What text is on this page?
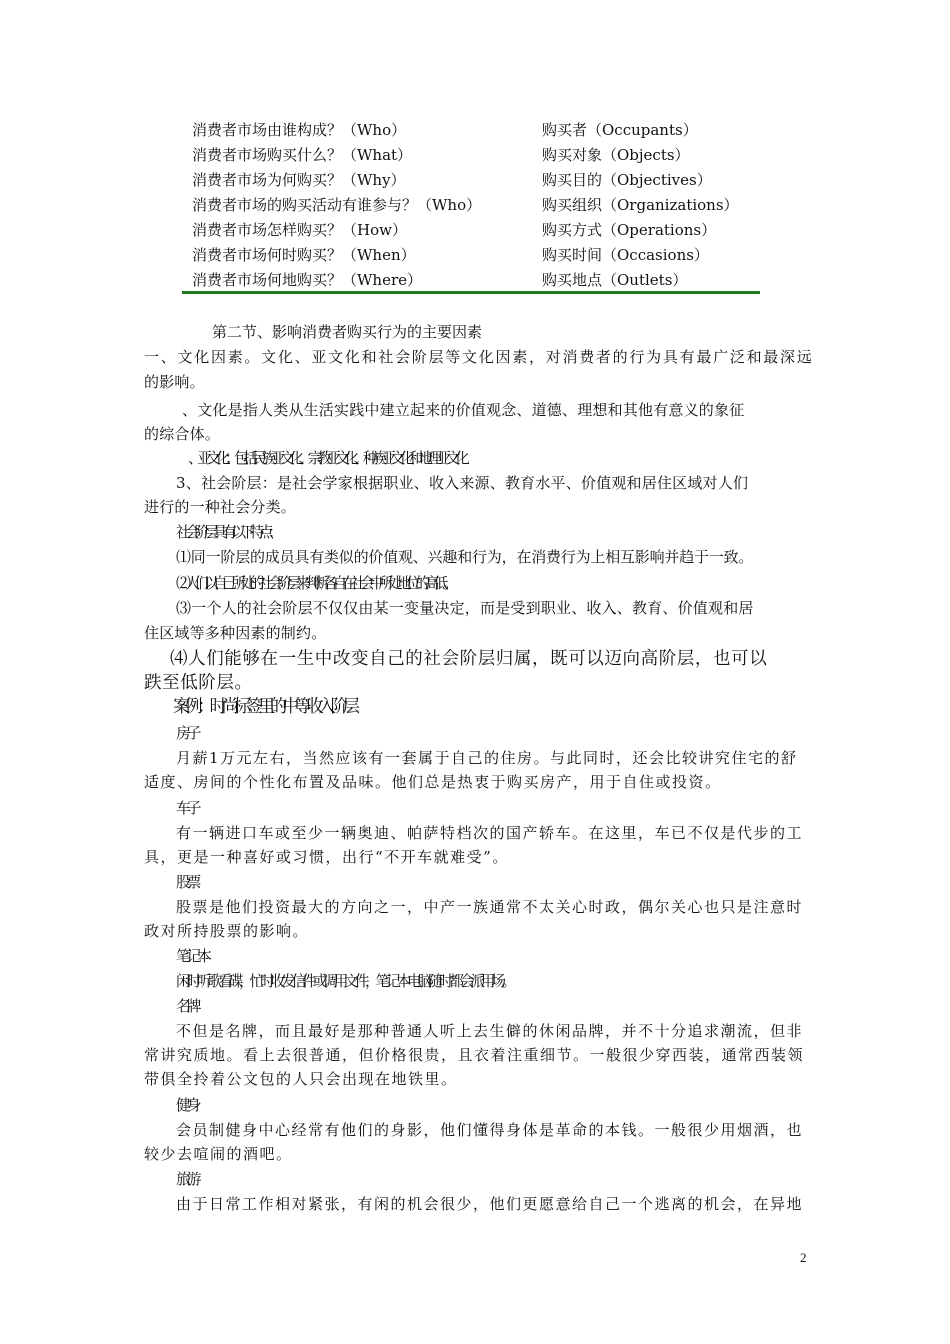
消费者市场由谁构成？（Who）	购买者（Occupants）
消费者市场购买什么？（What）	购买对象（Objects）
消费者市场为何购买？（Why）	购买目的（Objectives）
消费者市场的购买活动有谁参与？（Who）	购买组织（Organizations）
消费者市场怎样购买？（How）	购买方式（Operations）
消费者市场何时购买？（When）	购买时间（Occasions）
消费者市场何地购买？（Where）	购买地点（Outlets）
第二节、影响消费者购买行为的主要因素
一、文化因素。文化、亚文化和社会阶层等文化因素，对消费者的行为具有最广泛和最深远
的影响。
、文化是指人类从生活实践中建立起来的价值观念、道德、理想和其他有意义的象征
的综合体。
、亚文化：包括民族亚文化、宗教亚文化、种族亚文化和地理亚文化
3、社会阶层：是社会学家根据职业、收入来源、教育水平、价值观和居住区域对人们
进行的一种社会分类。
社会阶层具有以下特点：
⑴同一阶层的成员具有类似的价值观、兴趣和行为，在消费行为上相互影响并趋于一致。
⑵人们以自己所处的社会阶层来判断各自在社会中所处地位的高低。
⑶一个人的社会阶层不仅仅由某一变量决定，而是受到职业、收入、教育、价值观和居
住区域等多种因素的制约。
⑷人们能够在一生中改变自己的社会阶层归属，既可以迈向高阶层，也可以
跌至低阶层。
案例 ：时尚标签里的中等收入阶层
房子
月薪1万元左右，当然应该有一套属于自己的住房。与此同时，还会比较讲究住宅的舒
适度、房间的个性化布置及品味。他们总是热衷于购买房产，用于自住或投资。
车子
有一辆进口车或至少一辆奥迪、帕萨特档次的国产轿车。在这里，车已不仅是代步的工
具，更是一种喜好或习惯，出行“不开车就难受”。
股票
股票是他们投资最大的方向之一，中产一族通常不太关心时政，偶尔关心也只是注意时
政对所持股票的影响。
笔记本
闲时听歌看碟，忙时收发信件或调用文件，笔记本电脑随时都会派用场。
名牌
不但是名牌，而且最好是那种普通人听上去生僻的休闲品牌，并不十分追求潮流，但非
常讲究质地。看上去很普通，但价格很贵，且衣着注重细节。一般很少穿西装，通常西装领
带俱全拎着公文包的人只会出现在地铁里。
健身
会员制健身中心经常有他们的身影，他们懂得身体是革命的本钱。一般很少用烟酒，也
较少去喧闹的酒吧。
旅游
由于日常工作相对紧张，有闲的机会很少，他们更愿意给自己一个逃离的机会，在异地
2
